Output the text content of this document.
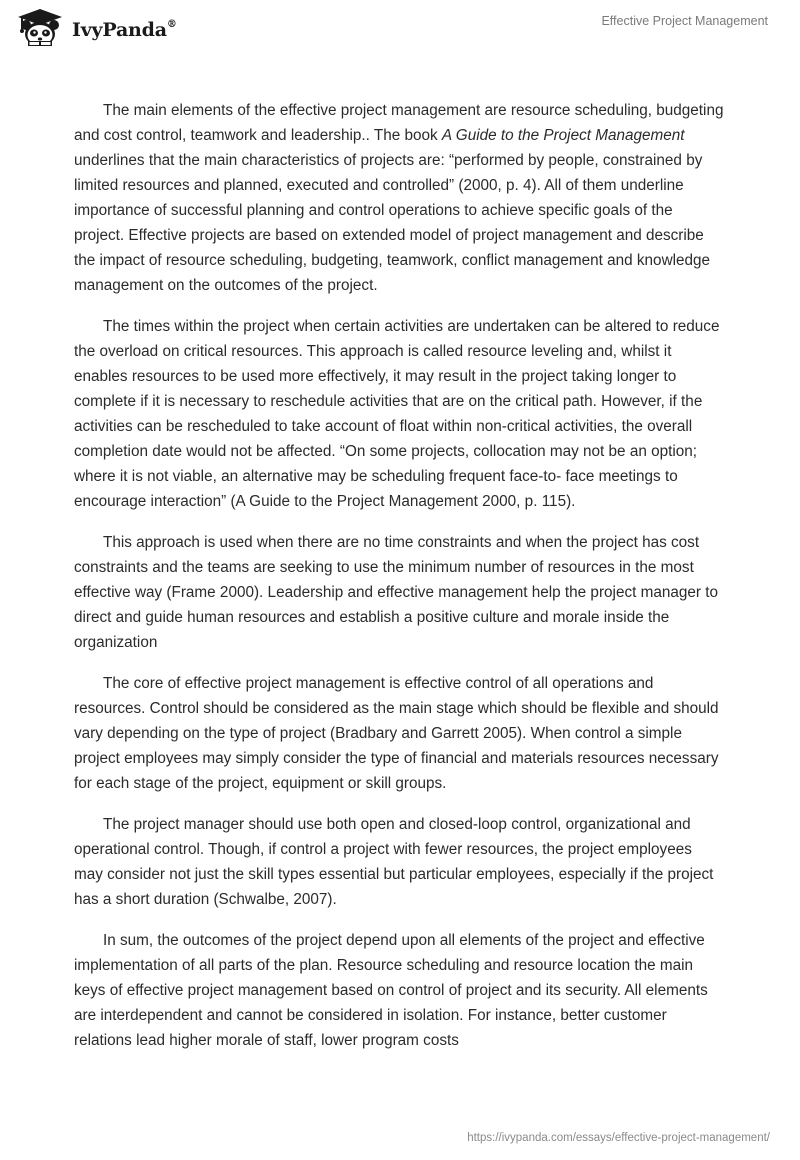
IvyPanda®	Effective Project Management

The main elements of the effective project management are resource scheduling, budgeting and cost control, teamwork and leadership.. The book A Guide to the Project Management underlines that the main characteristics of projects are: “performed by people, constrained by limited resources and planned, executed and controlled” (2000, p. 4). All of them underline importance of successful planning and control operations to achieve specific goals of the project. Effective projects are based on extended model of project management and describe the impact of resource scheduling, budgeting, teamwork, conflict management and knowledge management on the outcomes of the project.

The times within the project when certain activities are undertaken can be altered to reduce the overload on critical resources. This approach is called resource leveling and, whilst it enables resources to be used more effectively, it may result in the project taking longer to complete if it is necessary to reschedule activities that are on the critical path. However, if the activities can be rescheduled to take account of float within non-critical activities, the overall completion date would not be affected. “On some projects, collocation may not be an option; where it is not viable, an alternative may be scheduling frequent face-to- face meetings to encourage interaction” (A Guide to the Project Management 2000, p. 115).

This approach is used when there are no time constraints and when the project has cost constraints and the teams are seeking to use the minimum number of resources in the most effective way (Frame 2000). Leadership and effective management help the project manager to direct and guide human resources and establish a positive culture and morale inside the organization

The core of effective project management is effective control of all operations and resources. Control should be considered as the main stage which should be flexible and should vary depending on the type of project (Bradbary and Garrett 2005). When control a simple project employees may simply consider the type of financial and materials resources necessary for each stage of the project, equipment or skill groups.

The project manager should use both open and closed-loop control, organizational and operational control. Though, if control a project with fewer resources, the project employees may consider not just the skill types essential but particular employees, especially if the project has a short duration (Schwalbe, 2007).

In sum, the outcomes of the project depend upon all elements of the project and effective implementation of all parts of the plan. Resource scheduling and resource location the main keys of effective project management based on control of project and its security. All elements are interdependent and cannot be considered in isolation. For instance, better customer relations lead higher morale of staff, lower program costs

https://ivypanda.com/essays/effective-project-management/
